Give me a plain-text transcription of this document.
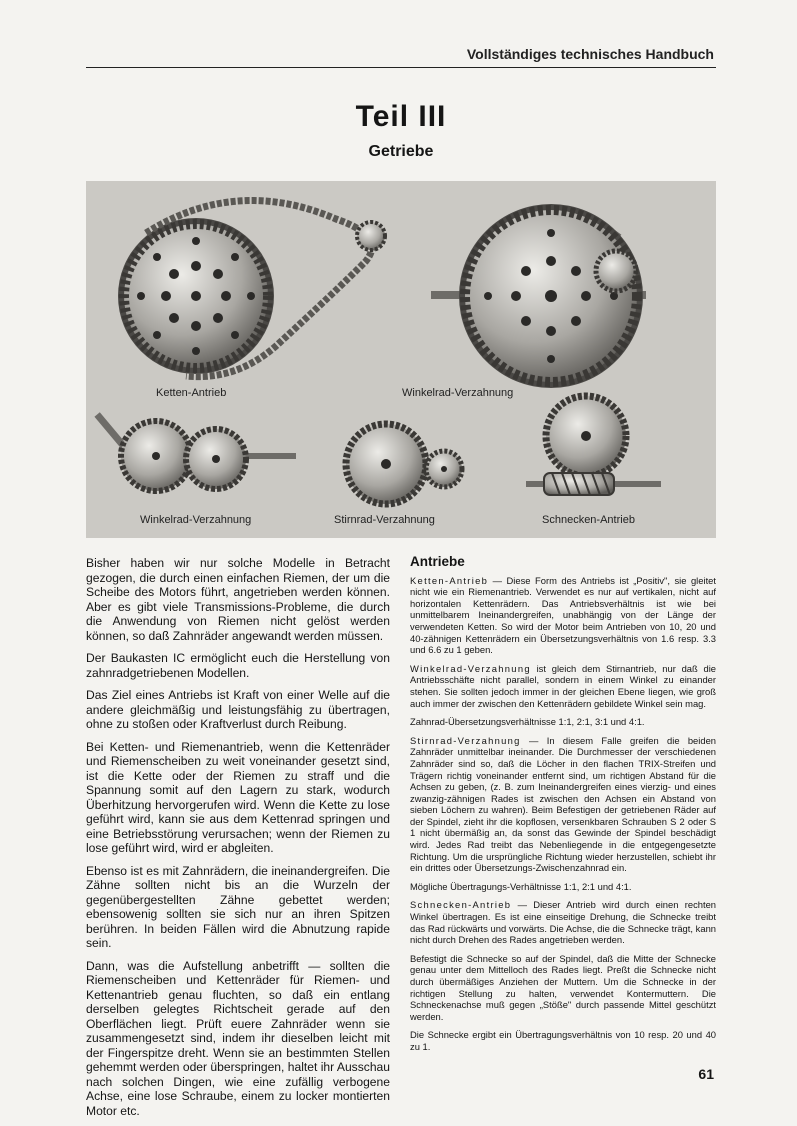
Vollständiges technisches Handbuch
Teil III
Getriebe
Ketten-Antrieb	Winkelrad-Verzahnung
Winkelrad-Verzahnung	Stirnrad-Verzahnung	Schnecken-Antrieb

Bisher haben wir nur solche Modelle in Betracht gezogen, die durch einen einfachen Riemen, der um die Scheibe des Motors führt, angetrieben werden können. Aber es gibt viele Transmissions-Probleme, die durch die Anwendung von Riemen nicht gelöst werden können, so daß Zahnräder angewandt werden müssen.

Der Baukasten IC ermöglicht euch die Herstellung von zahnradgetriebenen Modellen.

Das Ziel eines Antriebs ist Kraft von einer Welle auf die andere gleichmäßig und leistungsfähig zu übertragen, ohne zu stoßen oder Kraftverlust durch Reibung.

Bei Ketten- und Riemenantrieb, wenn die Kettenräder und Riemenscheiben zu weit voneinander gesetzt sind, ist die Kette oder der Riemen zu straff und die Spannung somit auf den Lagern zu stark, wodurch Überhitzung hervorgerufen wird. Wenn die Kette zu lose geführt wird, kann sie aus dem Kettenrad springen und eine Betriebsstörung verursachen; wenn der Riemen zu lose geführt wird, wird er abgleiten.

Ebenso ist es mit Zahnrädern, die ineinandergreifen. Die Zähne sollten nicht bis an die Wurzeln der gegenübergestellten Zähne gebettet werden; ebensowenig sollten sie sich nur an ihren Spitzen berühren. In beiden Fällen wird die Abnutzung rapide sein.

Dann, was die Aufstellung anbetrifft — sollten die Riemenscheiben und Kettenräder für Riemen- und Kettenantrieb genau fluchten, so daß ein entlang derselben gelegtes Richtscheit gerade auf den Oberflächen liegt. Prüft euere Zahnräder wenn sie zusammengesetzt sind, indem ihr dieselben leicht mit der Fingerspitze dreht. Wenn sie an bestimmten Stellen gehemmt werden oder überspringen, haltet ihr Ausschau nach solchen Dingen, wie eine zufällig verbogene Achse, eine lose Schraube, einem zu locker montierten Motor etc.

Antriebe

Ketten-Antrieb — Diese Form des Antriebs ist „Positiv", sie gleitet nicht wie ein Riemenantrieb. Verwendet es nur auf vertikalen, nicht auf horizontalen Kettenrädern. Das Antriebsverhältnis ist wie bei unmittelbarem Ineinandergreifen, unabhängig von der Länge der verwendeten Ketten. So wird der Motor beim Antrieben von 10, 20 und 40-zähnigen Kettenrädern ein Übersetzungsverhältnis von 1.6 resp. 3.3 und 6.6 zu 1 geben.

Winkelrad-Verzahnung ist gleich dem Stirnantrieb, nur daß die Antriebsschäfte nicht parallel, sondern in einem Winkel zu einander stehen. Sie sollten jedoch immer in der gleichen Ebene liegen, wie groß auch immer der zwischen den Kettenrädern gebildete Winkel sein mag.

Zahnrad-Übersetzungsverhältnisse 1:1, 2:1, 3:1 und 4:1.

Stirnrad-Verzahnung — In diesem Falle greifen die beiden Zahnräder unmittelbar ineinander. Die Durchmesser der verschiedenen Zahnräder sind so, daß die Löcher in den flachen TRIX-Streifen und Trägern richtig voneinander entfernt sind, um richtigen Abstand für die Achsen zu geben, (z. B. zum Ineinandergreifen eines vierzig- und eines zwanzig-zähnigen Rades ist zwischen den Achsen ein Abstand von sieben Löchern zu wahren). Beim Befestigen der getriebenen Räder auf der Spindel, zieht ihr die kopflosen, versenkbaren Schrauben S 2 oder S 1 nicht übermäßig an, da sonst das Gewinde der Spindel beschädigt wird. Jedes Rad treibt das Nebenliegende in die entgegengesetzte Richtung. Um die ursprüngliche Richtung wieder herzustellen, schiebt ihr ein drittes oder Übersetzungs-Zwischenzahnrad ein.

Mögliche Übertragungs-Verhältnisse 1:1, 2:1 und 4:1.

Schnecken-Antrieb — Dieser Antrieb wird durch einen rechten Winkel übertragen. Es ist eine einseitige Drehung, die Schnecke treibt das Rad rückwärts und vorwärts. Die Achse, die die Schnecke trägt, kann nicht durch Drehen des Rades angetrieben werden.

Befestigt die Schnecke so auf der Spindel, daß die Mitte der Schnecke genau unter dem Mittelloch des Rades liegt. Preßt die Schnecke nicht durch übermäßiges Anziehen der Muttern. Um die Schnecke in der richtigen Stellung zu halten, verwendet Kontermuttern. Die Schneckenachse muß gegen „Stöße" durch passende Mittel geschützt werden.

Die Schnecke ergibt ein Übertragungsverhältnis von 10 resp. 20 und 40 zu 1.

61
